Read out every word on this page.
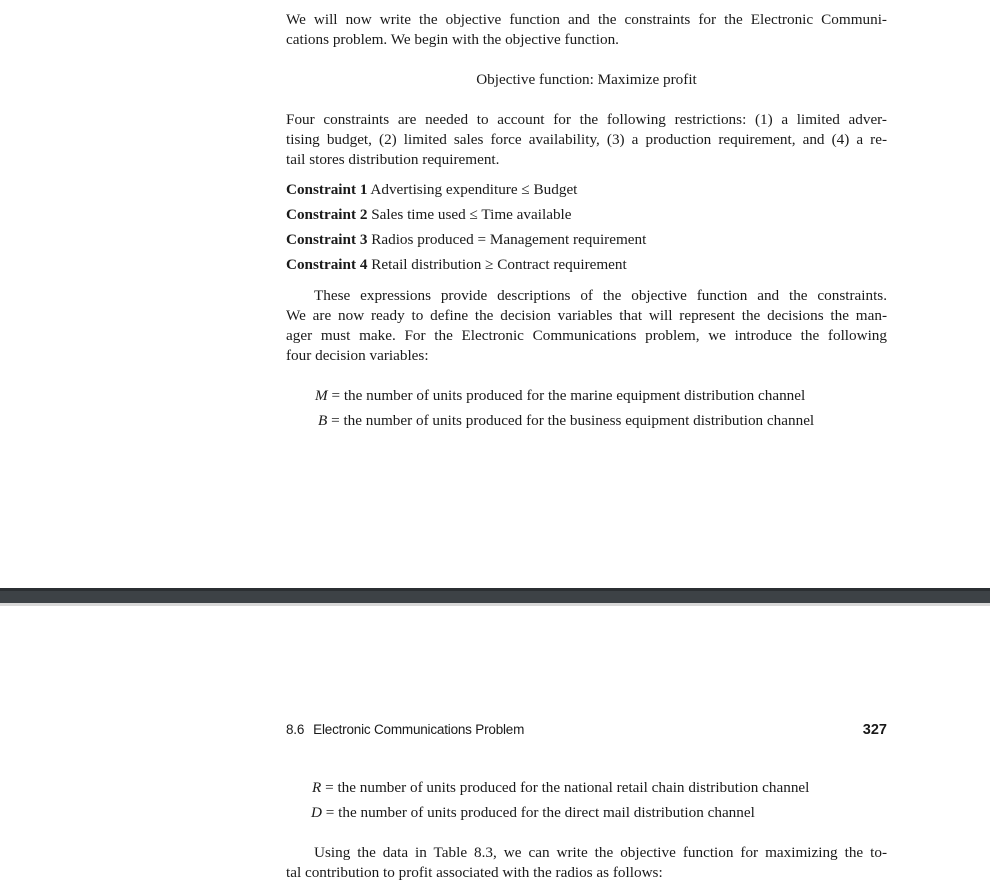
We will now write the objective function and the constraints for the Electronic Communi-
cations problem. We begin with the objective function.

Objective function: Maximize profit

Four constraints are needed to account for the following restrictions: (1) a limited adver-
tising budget, (2) limited sales force availability, (3) a production requirement, and (4) a re-
tail stores distribution requirement.

Constraint 1 Advertising expenditure ≤ Budget
Constraint 2 Sales time used ≤ Time available
Constraint 3 Radios produced = Management requirement
Constraint 4 Retail distribution ≥ Contract requirement

These expressions provide descriptions of the objective function and the constraints.
We are now ready to define the decision variables that will represent the decisions the man-
ager must make. For the Electronic Communications problem, we introduce the following
four decision variables:

M = the number of units produced for the marine equipment distribution channel
B = the number of units produced for the business equipment distribution channel
8.6 Electronic Communications Problem	327
R = the number of units produced for the national retail chain distribution channel
D = the number of units produced for the direct mail distribution channel

Using the data in Table 8.3, we can write the objective function for maximizing the to-
tal contribution to profit associated with the radios as follows:
